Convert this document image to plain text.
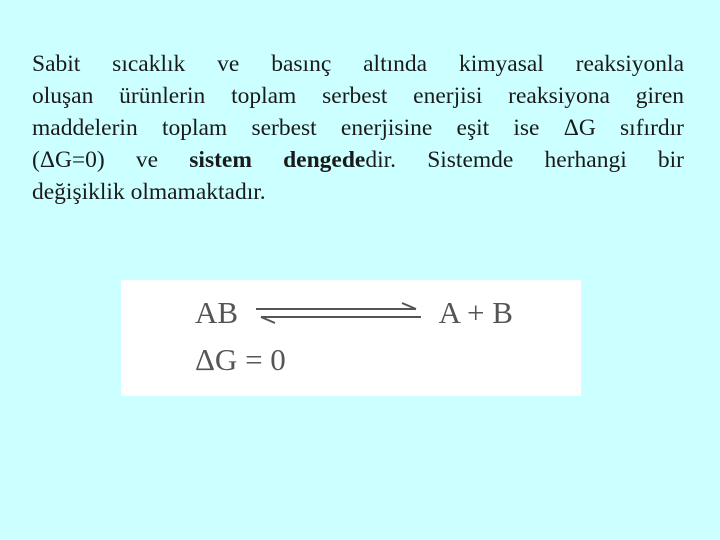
Sabit sıcaklık ve basınç altında kimyasal reaksiyonla
oluşan ürünlerin toplam serbest enerjisi reaksiyona giren
maddelerin toplam serbest enerjisine eşit ise ΔG sıfırdır
(ΔG=0) ve sistem dengededir. Sistemde herhangi bir
değişiklik olmamaktadır.

AB	A + B
ΔG = 0
